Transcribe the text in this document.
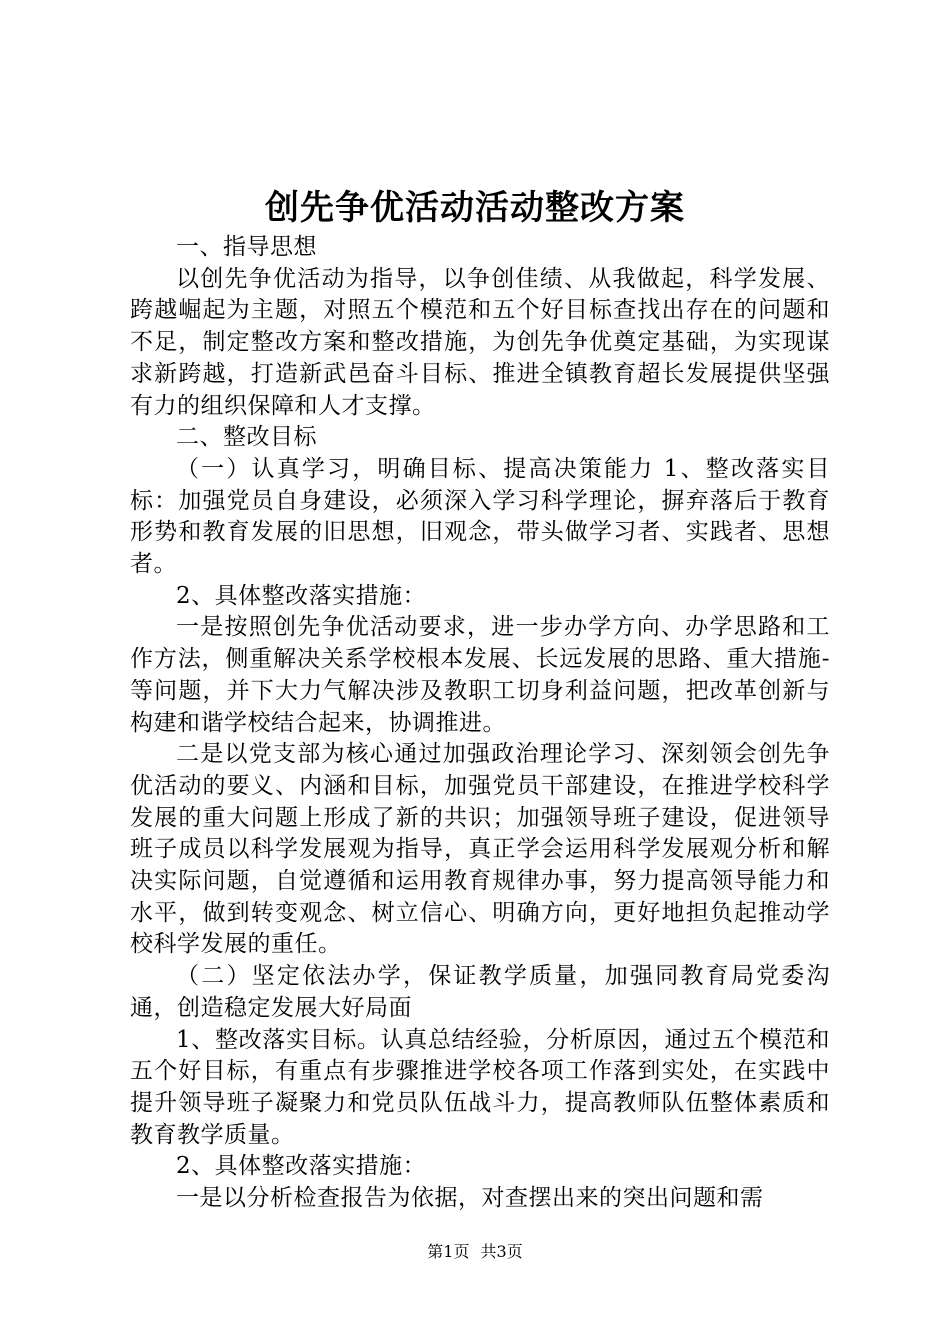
创先争优活动活动整改方案

一、指导思想

以创先争优活动为指导，以争创佳绩、从我做起，科学发展、跨越崛起为主题，对照五个模范和五个好目标查找出存在的问题和不足，制定整改方案和整改措施，为创先争优奠定基础，为实现谋求新跨越，打造新武邑奋斗目标、推进全镇教育超长发展提供坚强有力的组织保障和人才支撑。

二、整改目标

（一）认真学习，明确目标、提高决策能力 1、整改落实目标：加强党员自身建设，必须深入学习科学理论，摒弃落后于教育形势和教育发展的旧思想，旧观念，带头做学习者、实践者、思想者。

2、具体整改落实措施：

一是按照创先争优活动要求，进一步办学方向、办学思路和工作方法，侧重解决关系学校根本发展、长远发展的思路、重大措施-等问题，并下大力气解决涉及教职工切身利益问题，把改革创新与构建和谐学校结合起来，协调推进。

二是以党支部为核心通过加强政治理论学习、深刻领会创先争优活动的要义、内涵和目标，加强党员干部建设，在推进学校科学发展的重大问题上形成了新的共识；加强领导班子建设，促进领导班子成员以科学发展观为指导，真正学会运用科学发展观分析和解决实际问题，自觉遵循和运用教育规律办事，努力提高领导能力和水平，做到转变观念、树立信心、明确方向，更好地担负起推动学校科学发展的重任。

（二）坚定依法办学，保证教学质量，加强同教育局党委沟通，创造稳定发展大好局面

1、整改落实目标。认真总结经验，分析原因，通过五个模范和五个好目标，有重点有步骤推进学校各项工作落到实处，在实践中提升领导班子凝聚力和党员队伍战斗力，提高教师队伍整体素质和教育教学质量。

2、具体整改落实措施：

一是以分析检查报告为依据，对查摆出来的突出问题和需

第1页 共3页
